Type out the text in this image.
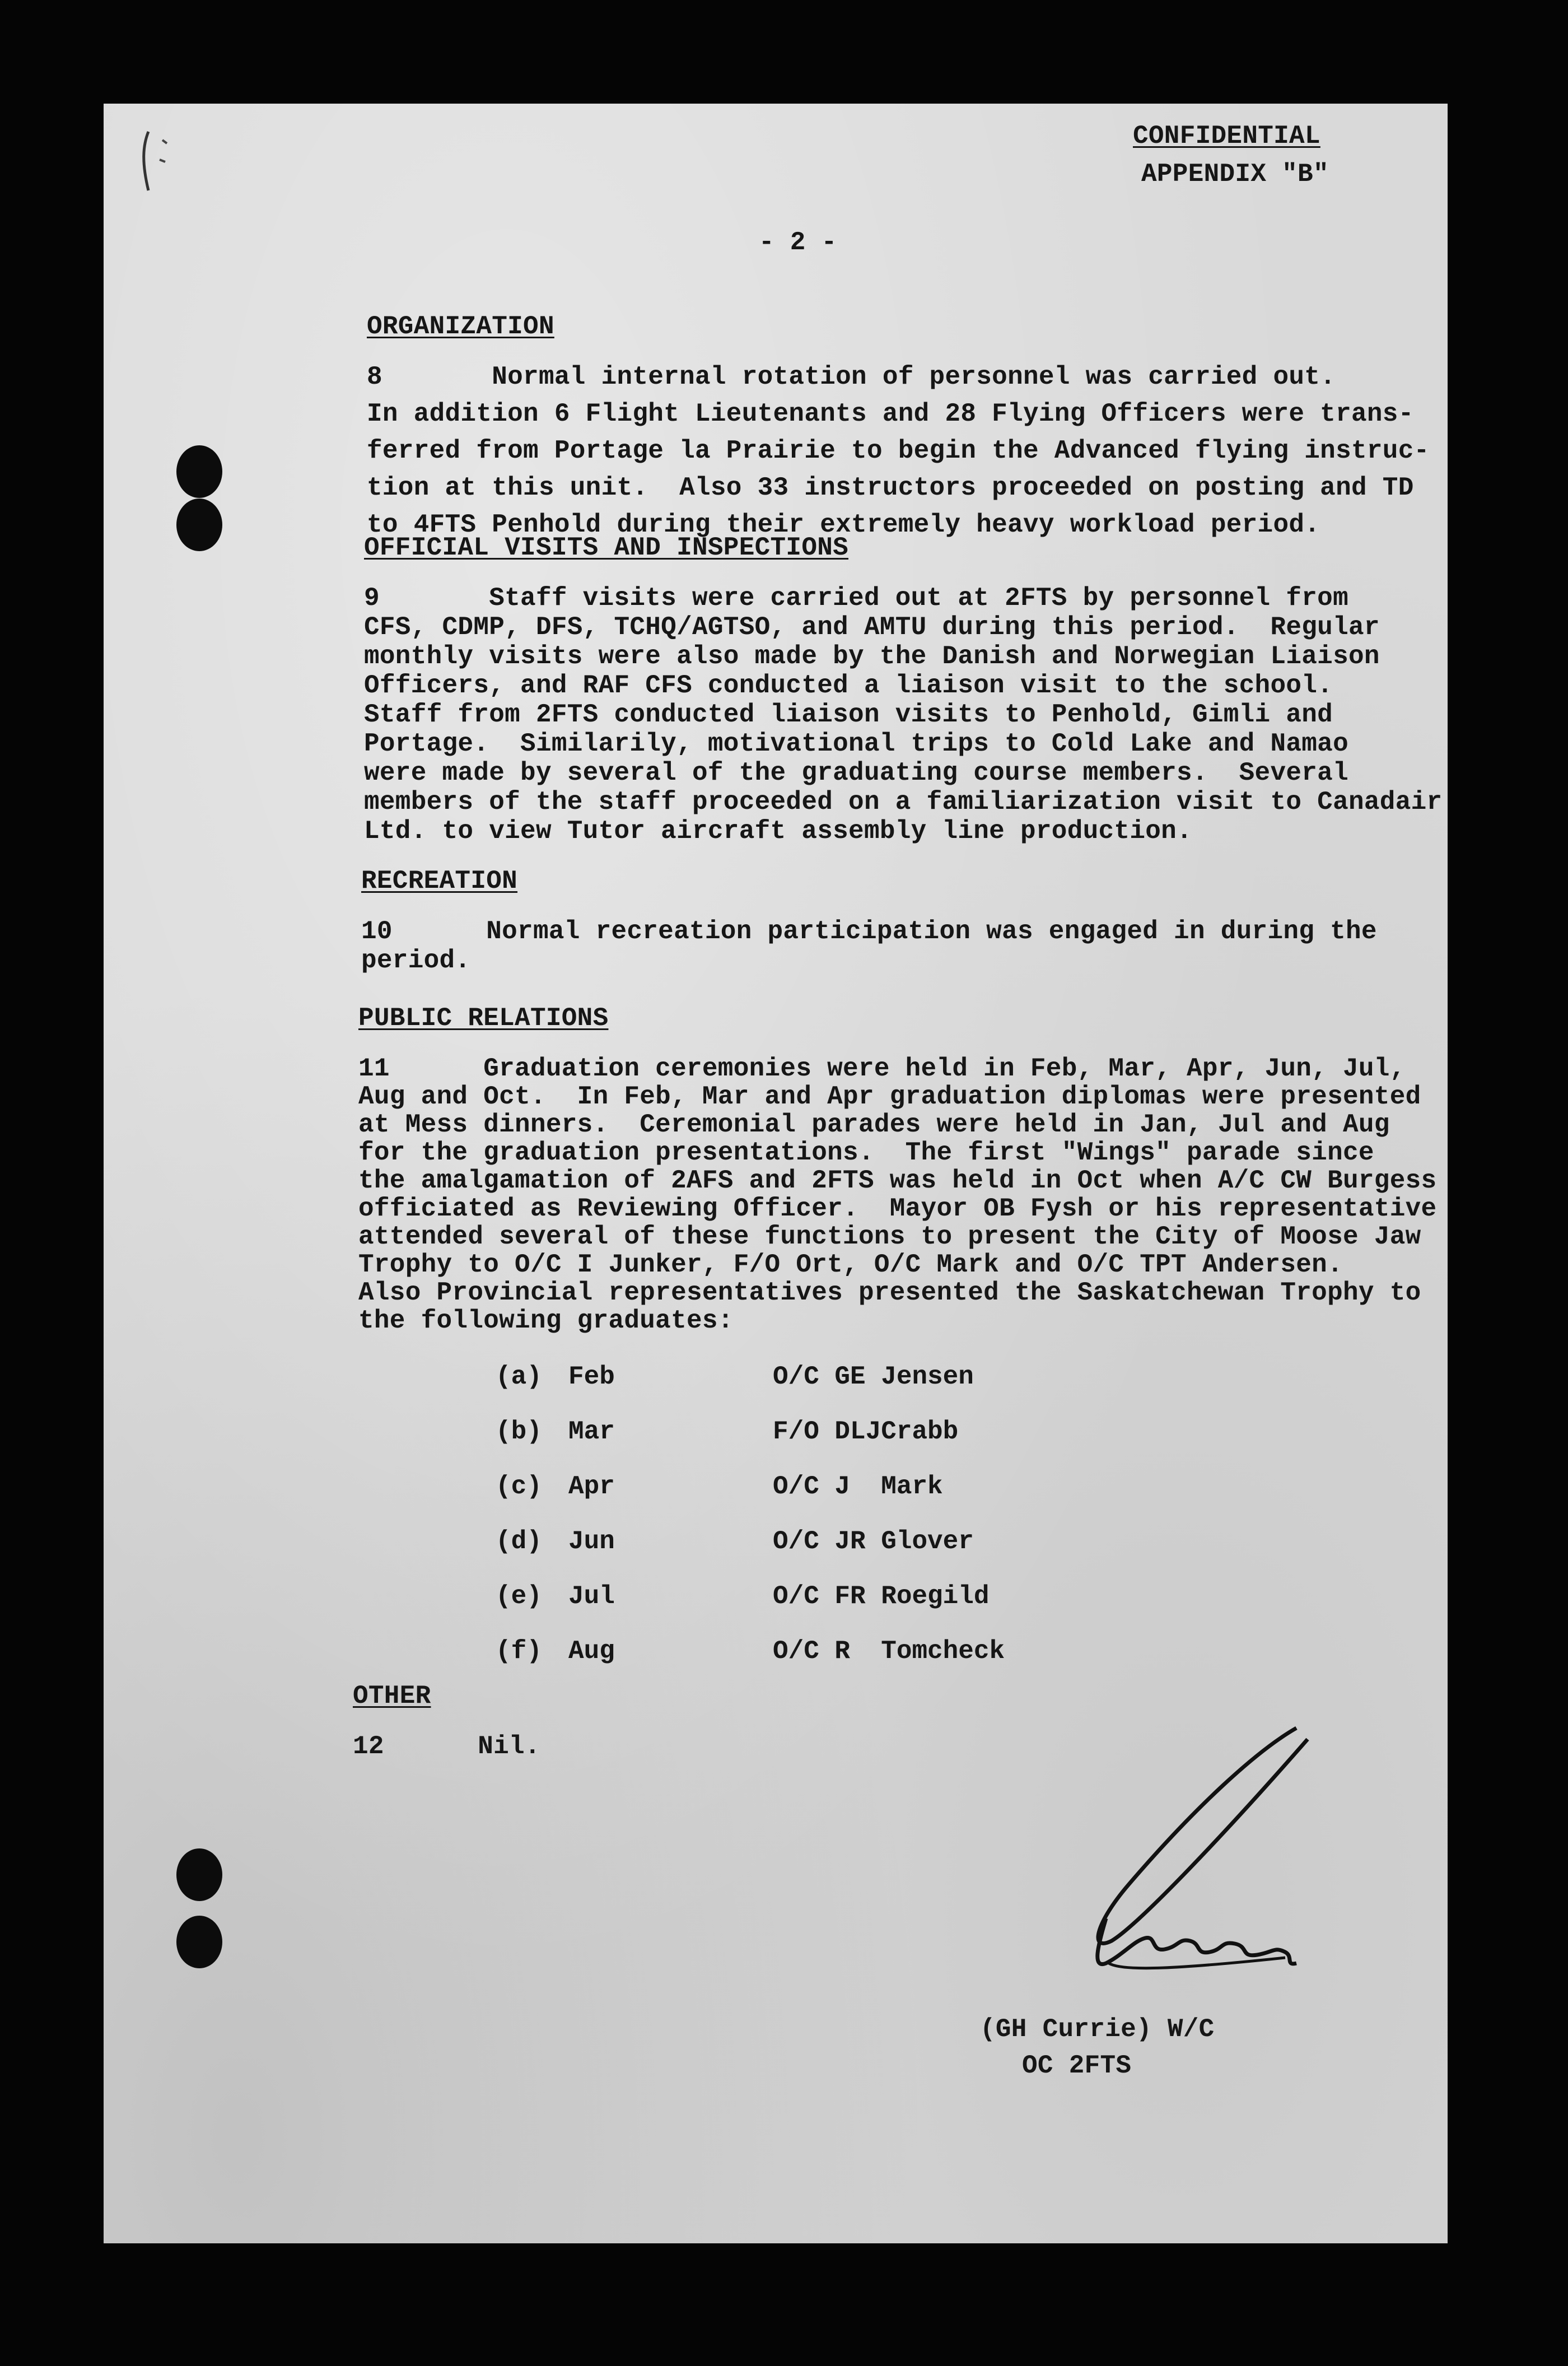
CONFIDENTIAL
APPENDIX "B"
- 2 -
ORGANIZATION
8       Normal internal rotation of personnel was carried out.
In addition 6 Flight Lieutenants and 28 Flying Officers were trans-
ferred from Portage la Prairie to begin the Advanced flying instruc-
tion at this unit.  Also 33 instructors proceeded on posting and TD
to 4FTS Penhold during their extremely heavy workload period.
OFFICIAL VISITS AND INSPECTIONS
9       Staff visits were carried out at 2FTS by personnel from
CFS, CDMP, DFS, TCHQ/AGTSO, and AMTU during this period.  Regular
monthly visits were also made by the Danish and Norwegian Liaison
Officers, and RAF CFS conducted a liaison visit to the school.
Staff from 2FTS conducted liaison visits to Penhold, Gimli and
Portage.  Similarily, motivational trips to Cold Lake and Namao
were made by several of the graduating course members.  Several
members of the staff proceeded on a familiarization visit to Canadair
Ltd. to view Tutor aircraft assembly line production.
RECREATION
10      Normal recreation participation was engaged in during the
period.
PUBLIC RELATIONS
11      Graduation ceremonies were held in Feb, Mar, Apr, Jun, Jul,
Aug and Oct.  In Feb, Mar and Apr graduation diplomas were presented
at Mess dinners.  Ceremonial parades were held in Jan, Jul and Aug
for the graduation presentations.  The first "Wings" parade since
the amalgamation of 2AFS and 2FTS was held in Oct when A/C CW Burgess
officiated as Reviewing Officer.  Mayor OB Fysh or his representative
attended several of these functions to present the City of Moose Jaw
Trophy to O/C I Junker, F/O Ort, O/C Mark and O/C TPT Andersen.
Also Provincial representatives presented the Saskatchewan Trophy to
the following graduates:
(a) Feb	O/C GE Jensen
(b) Mar	F/O DLJCrabb
(c) Apr	O/C J  Mark
(d) Jun	O/C JR Glover
(e) Jul	O/C FR Roegild
(f) Aug	O/C R  Tomcheck
OTHER
12      Nil.
(GH Currie) W/C
OC 2FTS
